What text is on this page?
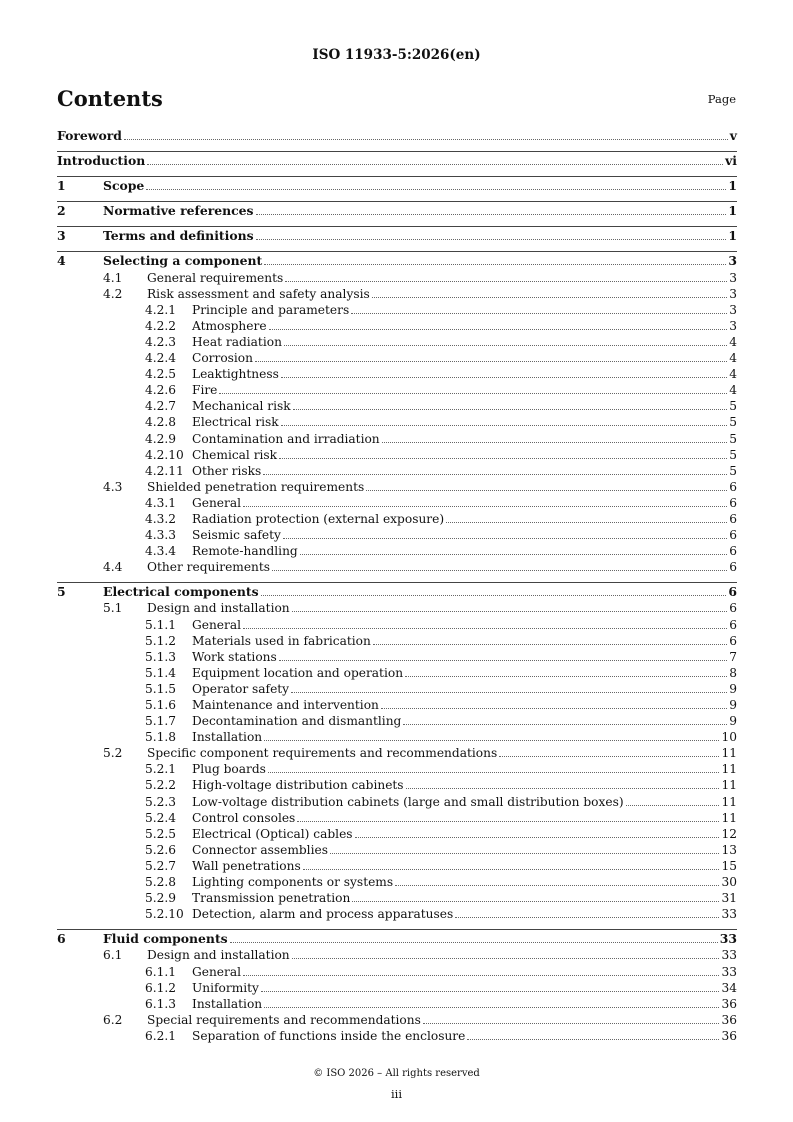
ISO 11933-5:2026(en)
Contents	Page
Foreword	v
Introduction	vi
1	Scope	1
2	Normative references	1
3	Terms and definitions	1
4	Selecting a component	3
4.1	General requirements	3
4.2	Risk assessment and safety analysis	3
4.2.1	Principle and parameters	3
4.2.2	Atmosphere	3
4.2.3	Heat radiation	4
4.2.4	Corrosion	4
4.2.5	Leaktightness	4
4.2.6	Fire	4
4.2.7	Mechanical risk	5
4.2.8	Electrical risk	5
4.2.9	Contamination and irradiation	5
4.2.10 Chemical risk	5
4.2.11 Other risks	5
4.3	Shielded penetration requirements	6
4.3.1	General	6
4.3.2	Radiation protection (external exposure)	6
4.3.3	Seismic safety	6
4.3.4	Remote-handling	6
4.4	Other requirements	6
5	Electrical components	6
5.1	Design and installation	6
5.1.1	General	6
5.1.2	Materials used in fabrication	6
5.1.3	Work stations	7
5.1.4	Equipment location and operation	8
5.1.5	Operator safety	9
5.1.6	Maintenance and intervention	9
5.1.7	Decontamination and dismantling	9
5.1.8	Installation	10
5.2	Specific component requirements and recommendations	11
5.2.1	Plug boards	11
5.2.2	High-voltage distribution cabinets	11
5.2.3	Low-voltage distribution cabinets (large and small distribution boxes)	11
5.2.4	Control consoles	11
5.2.5	Electrical (Optical) cables	12
5.2.6	Connector assemblies	13
5.2.7	Wall penetrations	15
5.2.8	Lighting components or systems	30
5.2.9	Transmission penetration	31
5.2.10 Detection, alarm and process apparatuses	33
6	Fluid components	33
6.1	Design and installation	33
6.1.1	General	33
6.1.2	Uniformity	34
6.1.3	Installation	36
6.2	Special requirements and recommendations	36
6.2.1	Separation of functions inside the enclosure	36
© ISO 2026 – All rights reserved
iii
